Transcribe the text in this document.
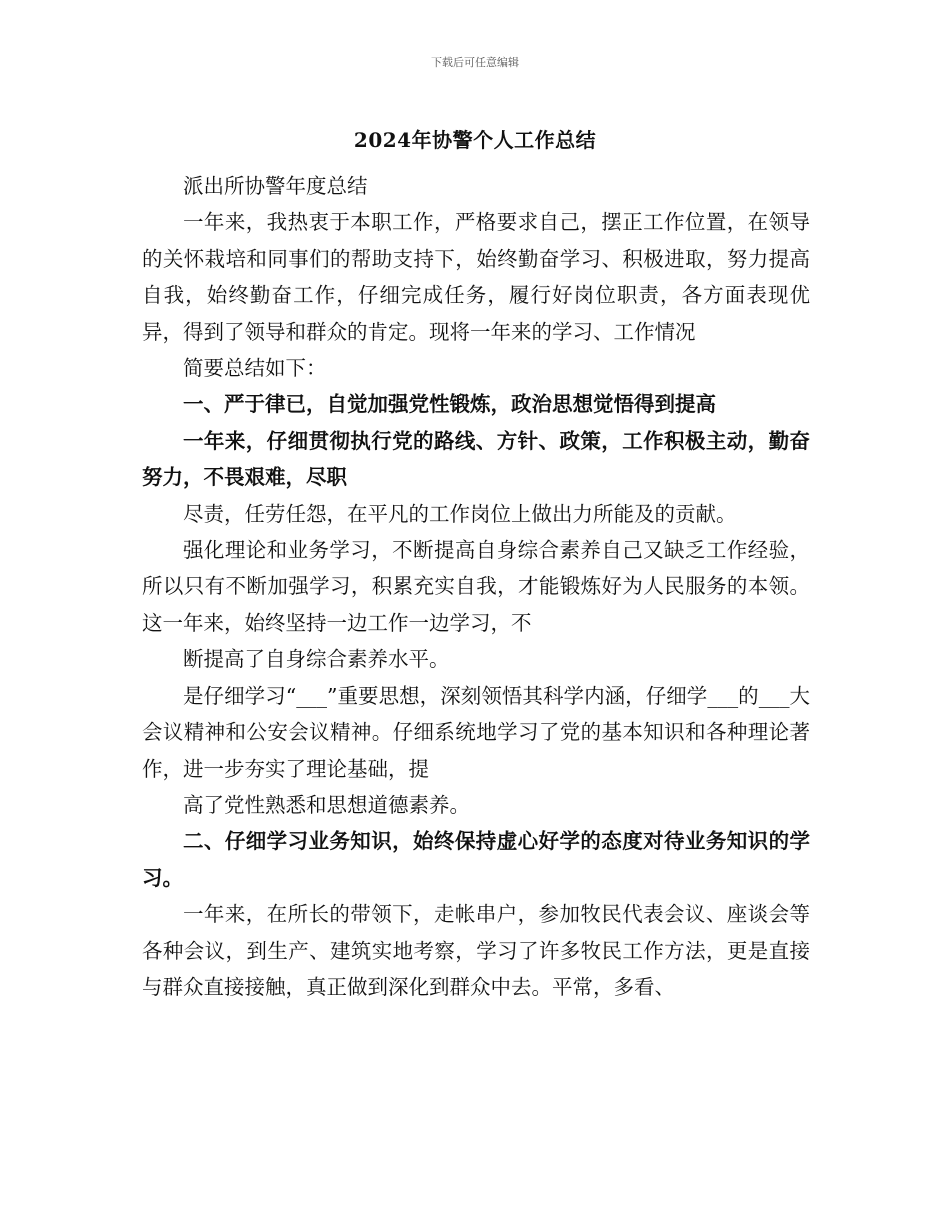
下载后可任意编辑
2024年协警个人工作总结

派出所协警年度总结

一年来，我热衷于本职工作，严格要求自己，摆正工作位置，在领导的关怀栽培和同事们的帮助支持下，始终勤奋学习、积极进取，努力提高自我，始终勤奋工作，仔细完成任务，履行好岗位职责，各方面表现优异，得到了领导和群众的肯定。现将一年来的学习、工作情况

简要总结如下：

一、严于律已，自觉加强党性锻炼，政治思想觉悟得到提高

一年来，仔细贯彻执行党的路线、方针、政策，工作积极主动，勤奋努力，不畏艰难，尽职

尽责，任劳任怨，在平凡的工作岗位上做出力所能及的贡献。

强化理论和业务学习，不断提高自身综合素养自己又缺乏工作经验，所以只有不断加强学习，积累充实自我，才能锻炼好为人民服务的本领。这一年来，始终坚持一边工作一边学习，不

断提高了自身综合素养水平。

是仔细学习“___”重要思想，深刻领悟其科学内涵，仔细学___的___大会议精神和公安会议精神。仔细系统地学习了党的基本知识和各种理论著作，进一步夯实了理论基础，提

高了党性熟悉和思想道德素养。

二、仔细学习业务知识，始终保持虚心好学的态度对待业务知识的学习。

一年来，在所长的带领下，走帐串户，参加牧民代表会议、座谈会等各种会议，到生产、建筑实地考察，学习了许多牧民工作方法，更是直接与群众直接接触，真正做到深化到群众中去。平常，多看、
